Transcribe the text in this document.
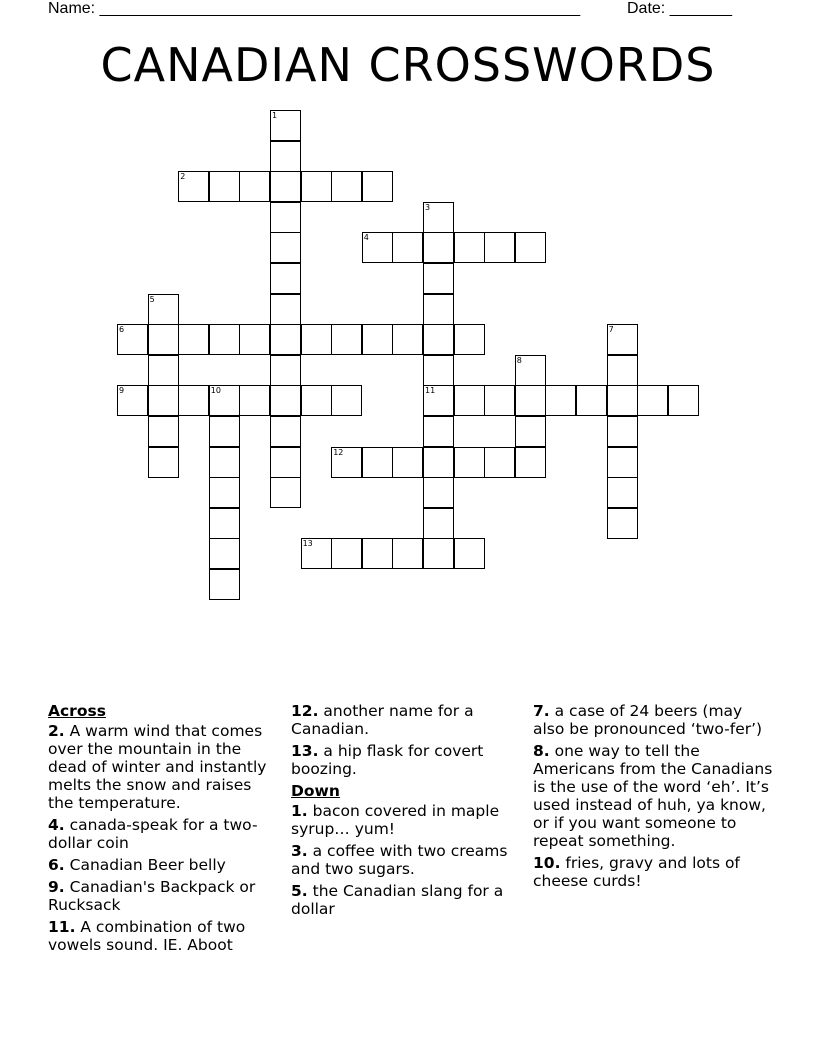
Name: ______________________________________________________	Date: _______
CANADIAN CROSSWORDS
1
2
3
11
4
5
6	7
8
9	10
12
13
Across
2. A warm wind that comes over the mountain in the dead of winter and instantly melts the snow and raises the temperature.
4. canada-speak for a two-dollar coin
6. Canadian Beer belly
9. Canadian's Backpack or Rucksack
11. A combination of two vowels sound. IE. Aboot
12. another name for a Canadian.
13. a hip flask for covert boozing.
Down
1. bacon covered in maple syrup… yum!
3. a coffee with two creams and two sugars.
5. the Canadian slang for a dollar
7. a case of 24 beers (may also be pronounced ‘two-fer’)
8. one way to tell the Americans from the Canadians is the use of the word ‘eh’. It’s used instead of huh, ya know, or if you want someone to repeat something.
10. fries, gravy and lots of cheese curds!
